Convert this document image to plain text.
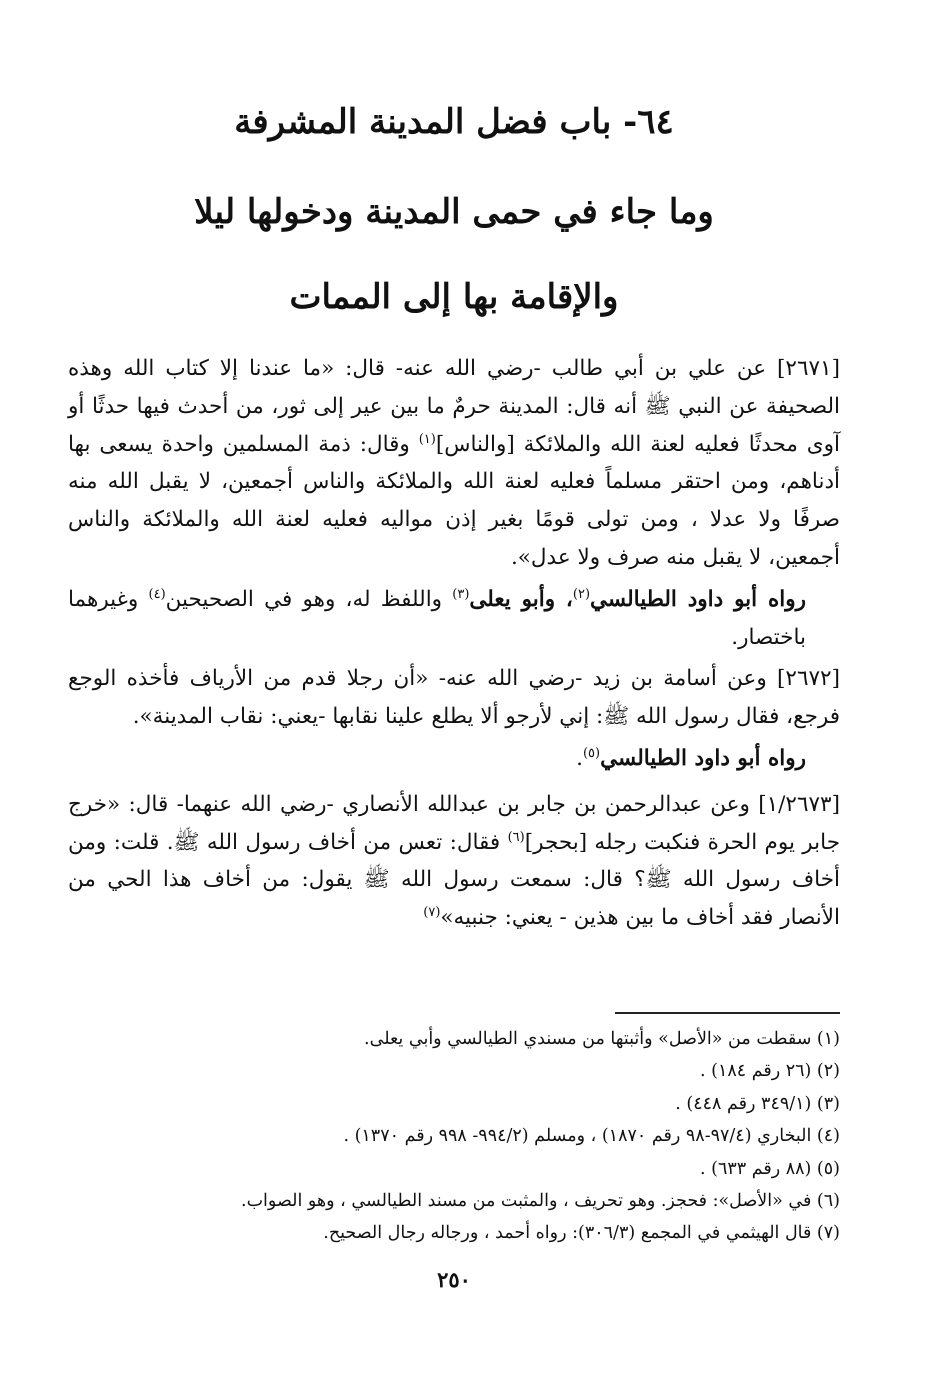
٦٤- باب فضل المدينة المشرفة
وما جاء في حمى المدينة ودخولها ليلا
والإقامة بها إلى الممات

[٢٦٧١] عن علي بن أبي طالب -رضي الله عنه- قال: «ما عندنا إلا كتاب الله وهذه الصحيفة عن النبي ﷺ أنه قال: المدينة حرمٌ ما بين عير إلى ثور، من أحدث فيها حدثًا أو آوى محدثًا فعليه لعنة الله والملائكة [والناس]$^{(١)}$ وقال: ذمة المسلمين واحدة يسعى بها أدناهم، ومن احتقر مسلماً فعليه لعنة الله والملائكة والناس أجمعين، لا يقبل الله منه صرفًا ولا عدلا ، ومن تولى قومًا بغير إذن مواليه فعليه لعنة الله والملائكة والناس أجمعين، لا يقبل منه صرف ولا عدل».

رواه أبو داود الطيالسي$^{(٢)}$، وأبو يعلى$^{(٣)}$ واللفظ له، وهو في الصحيحين$^{(٤)}$ وغيرهما باختصار.

[٢٦٧٢] وعن أسامة بن زيد -رضي الله عنه- «أن رجلا قدم من الأرياف فأخذه الوجع فرجع، فقال رسول الله ﷺ: إني لأرجو ألا يطلع علينا نقابها -يعني: نقاب المدينة».

رواه أبو داود الطيالسي$^{(٥)}$.

[١/٢٦٧٣] وعن عبدالرحمن بن جابر بن عبدالله الأنصاري -رضي الله عنهما- قال: «خرج جابر يوم الحرة فنكبت رجله [بحجر]$^{(٦)}$ فقال: تعس من أخاف رسول الله ﷺ. قلت: ومن أخاف رسول الله ﷺ؟ قال: سمعت رسول الله ﷺ يقول: من أخاف هذا الحي من الأنصار فقد أخاف ما بين هذين - يعني: جنبيه»$^{(٧)}$

(١) سقطت من «الأصل» وأثبتها من مسندي الطيالسي وأبي يعلى.
(٢) (٢٦ رقم ١٨٤) .
(٣) (٣٤٩/١ رقم ٤٤٨) .
(٤) البخاري (٩٧/٤-٩٨ رقم ١٨٧٠) ، ومسلم (٩٩٤/٢- ٩٩٨ رقم ١٣٧٠) .
(٥) (٨٨ رقم ٦٣٣) .
(٦) في «الأصل»: فحجز. وهو تحريف ، والمثبت من مسند الطيالسي ، وهو الصواب.
(٧) قال الهيثمي في المجمع (٣٠٦/٣): رواه أحمد ، ورجاله رجال الصحيح.
٢٥٠
